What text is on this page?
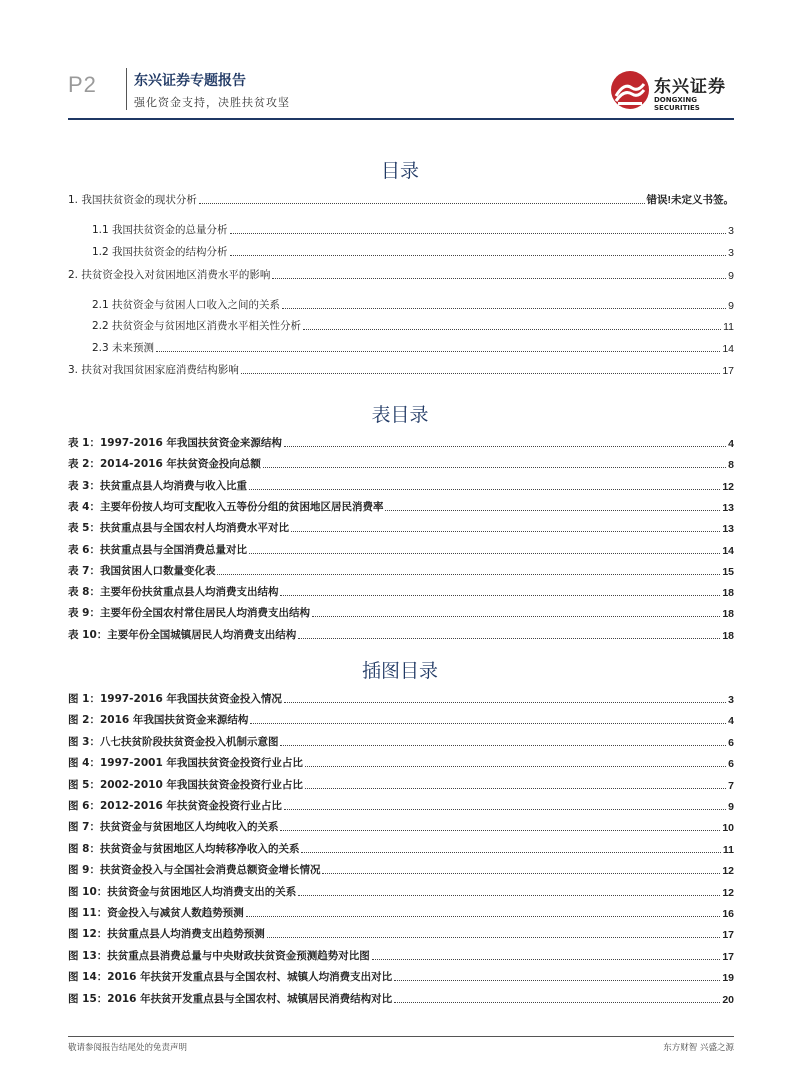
P2	东兴证券专题报告
强化资金支持，决胜扶贫攻坚
东兴证券
DONGXING SECURITIES
目录
表目录
插图目录
1. 我国扶贫资金的现状分析	错误!未定义书签。
1.1 我国扶贫资金的总量分析	3
1.2 我国扶贫资金的结构分析	3
2. 扶贫资金投入对贫困地区消费水平的影响	9
2.1 扶贫资金与贫困人口收入之间的关系	9
2.2 扶贫资金与贫困地区消费水平相关性分析	11
2.3 未来预测	14
3. 扶贫对我国贫困家庭消费结构影响	17
表 1：1997-2016 年我国扶贫资金来源结构	4
表 2：2014-2016 年扶贫资金投向总额	8
表 3：扶贫重点县人均消费与收入比重	12
表 4：主要年份按人均可支配收入五等份分组的贫困地区居民消费率	13
表 5：扶贫重点县与全国农村人均消费水平对比	13
表 6：扶贫重点县与全国消费总量对比	14
表 7：我国贫困人口数量变化表	15
表 8：主要年份扶贫重点县人均消费支出结构	18
表 9：主要年份全国农村常住居民人均消费支出结构	18
表 10：主要年份全国城镇居民人均消费支出结构	18
图 1：1997-2016 年我国扶贫资金投入情况	3
图 2：2016 年我国扶贫资金来源结构	4
图 3：八七扶贫阶段扶贫资金投入机制示意图	6
图 4：1997-2001 年我国扶贫资金投资行业占比	6
图 5：2002-2010 年我国扶贫资金投资行业占比	7
图 6：2012-2016 年扶贫资金投资行业占比	9
图 7：扶贫资金与贫困地区人均纯收入的关系	10
图 8：扶贫资金与贫困地区人均转移净收入的关系	11
图 9：扶贫资金投入与全国社会消费总额资金增长情况	12
图 10：扶贫资金与贫困地区人均消费支出的关系	12
图 11：资金投入与减贫人数趋势预测	16
图 12：扶贫重点县人均消费支出趋势预测	17
图 13：扶贫重点县消费总量与中央财政扶贫资金预测趋势对比图	17
图 14：2016 年扶贫开发重点县与全国农村、城镇人均消费支出对比	19
图 15：2016 年扶贫开发重点县与全国农村、城镇居民消费结构对比	20
敬请参阅报告结尾处的免责声明	东方财智 兴盛之源
